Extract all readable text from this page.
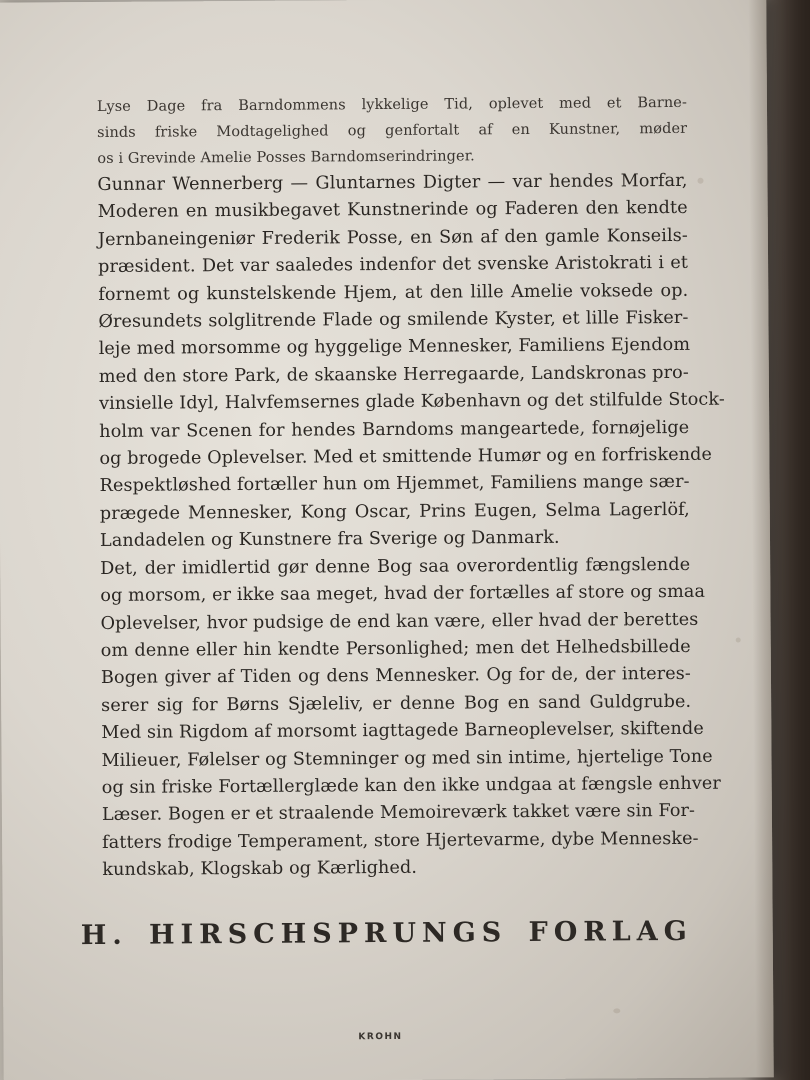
Lyse Dage fra Barndommens lykkelige Tid, oplevet med et Barne-
sinds friske Modtagelighed og genfortalt af en Kunstner, møder
os i Grevinde Amelie Posses Barndomserindringer.
Gunnar Wennerberg — Gluntarnes Digter — var hendes Morfar,
Moderen en musikbegavet Kunstnerinde og Faderen den kendte
Jernbaneingeniør Frederik Posse, en Søn af den gamle Konseils-
præsident. Det var saaledes indenfor det svenske Aristokrati i et
fornemt og kunstelskende Hjem, at den lille Amelie voksede op.
Øresundets solglitrende Flade og smilende Kyster, et lille Fisker-
leje med morsomme og hyggelige Mennesker, Familiens Ejendom
med den store Park, de skaanske Herregaarde, Landskronas pro-
vinsielle Idyl, Halvfemsernes glade København og det stilfulde Stock-
holm var Scenen for hendes Barndoms mangeartede, fornøjelige
og brogede Oplevelser. Med et smittende Humør og en forfriskende
Respektløshed fortæller hun om Hjemmet, Familiens mange sær-
prægede Mennesker, Kong Oscar, Prins Eugen, Selma Lagerlöf,
Landadelen og Kunstnere fra Sverige og Danmark.
Det, der imidlertid gør denne Bog saa overordentlig fængslende
og morsom, er ikke saa meget, hvad der fortælles af store og smaa
Oplevelser, hvor pudsige de end kan være, eller hvad der berettes
om denne eller hin kendte Personlighed; men det Helhedsbillede
Bogen giver af Tiden og dens Mennesker. Og for de, der interes-
serer sig for Børns Sjæleliv, er denne Bog en sand Guldgrube.
Med sin Rigdom af morsomt iagttagede Barneoplevelser, skiftende
Milieuer, Følelser og Stemninger og med sin intime, hjertelige Tone
og sin friske Fortællerglæde kan den ikke undgaa at fængsle enhver
Læser. Bogen er et straalende Memoireværk takket være sin For-
fatters frodige Temperament, store Hjertevarme, dybe Menneske-
kundskab, Klogskab og Kærlighed.
H. HIRSCHSPRUNGS FORLAG
KROHN
